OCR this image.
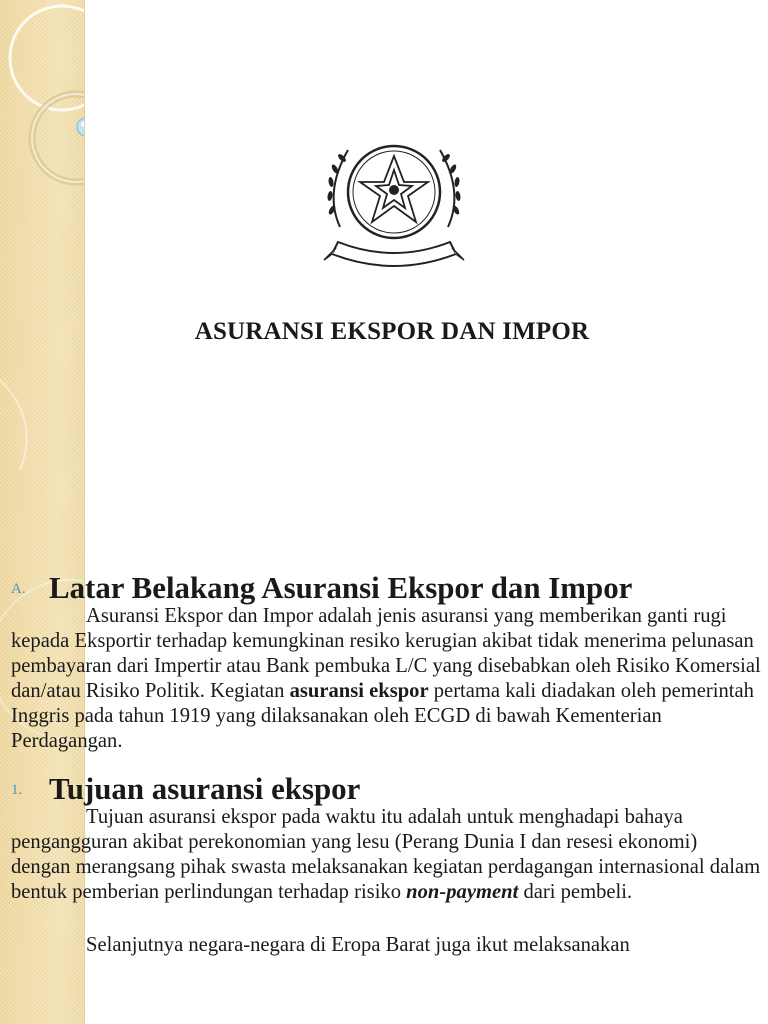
ASURANSI EKSPOR DAN IMPOR
A. Latar Belakang Asuransi Ekspor dan Impor

Asuransi Ekspor dan Impor adalah jenis asuransi yang memberikan ganti rugi kepada Eksportir terhadap kemungkinan resiko kerugian akibat tidak menerima pelunasan pembayaran dari Impertir atau Bank pembuka L/C yang disebabkan oleh Risiko Komersial dan/atau Risiko Politik. Kegiatan asuransi ekspor pertama kali diadakan oleh pemerintah Inggris pada tahun 1919 yang dilaksanakan oleh ECGD di bawah Kementerian Perdagangan.

1. Tujuan asuransi ekspor

Tujuan asuransi ekspor pada waktu itu adalah untuk menghadapi bahaya pengangguran akibat perekonomian yang lesu (Perang Dunia I dan resesi ekonomi) dengan merangsang pihak swasta melaksanakan kegiatan perdagangan internasional dalam bentuk pemberian perlindungan terhadap risiko non-payment dari pembeli.

Selanjutnya negara-negara di Eropa Barat juga ikut melaksanakan
